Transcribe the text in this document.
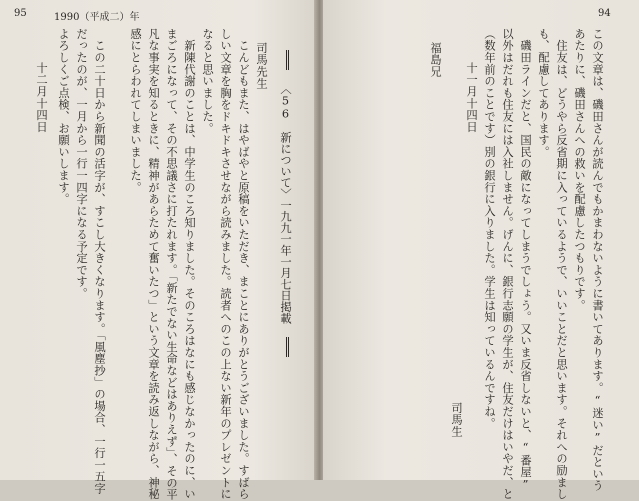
95	1990（平成二）年	94
この文章は、磯田さんが読んでもかまわないように書いてあります。“迷い”だという
あたりに、磯田さんへの救いを配慮したつもりです。
　住友は、どうやら反省期に入っているようで、いいことだと思います。それへの励まし
も、配慮してあります。
　磯田ラインだと、国民の敵になってしまうでしょう。又いま反省しないと、“番屋”
以外はだれも住友には入社しません。げんに、銀行志願の学生が、住友だけはいやだ、と
（数年前のことです）別の銀行に入りました。学生は知っているんですね。
十一月十四日
福島兄
司馬生
〈56　新について〉一九九一年一月七日掲載
司馬先生
　こんどもまた、はやばやと原稿をいただき、まことにありがとうございました。すばら
しい文章を胸をドキドキさせながら読みました。読者へのこの上ない新年のプレゼントに
なると思いました。
　新陳代謝のことは、中学生のころ知りました。そのころはなにも感じなかったのに、い
まごろになって、その不思議さに打たれます。「新たでない生命などはありえず」、その平
凡な事実を知るときに、精神があらためて奮いたつ」という文章を読み返しながら、神秘
感にとらわれてしまいました。
　この二十日から新聞の活字が、すこし大きくなります。「風塵抄」の場合、一行一五字
だったのが、一月から一行一四字になる予定です。
よろしくご点検、お願いします。
十二月十四日
